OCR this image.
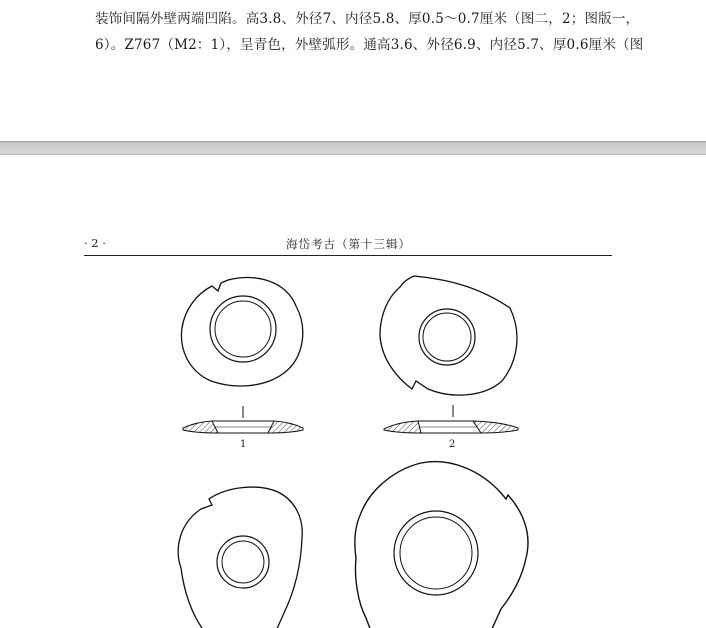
装饰间隔外壁两端凹陷。高3.8、外径7、内径5.8、厚0.5～0.7厘米（图二，2；图版一，
6）。Z767（M2：1），呈青色，外壁弧形。通高3.6、外径6.9、内径5.7、厚0.6厘米（图
· 2 ·	海岱考古（第十三辑）
1	2
